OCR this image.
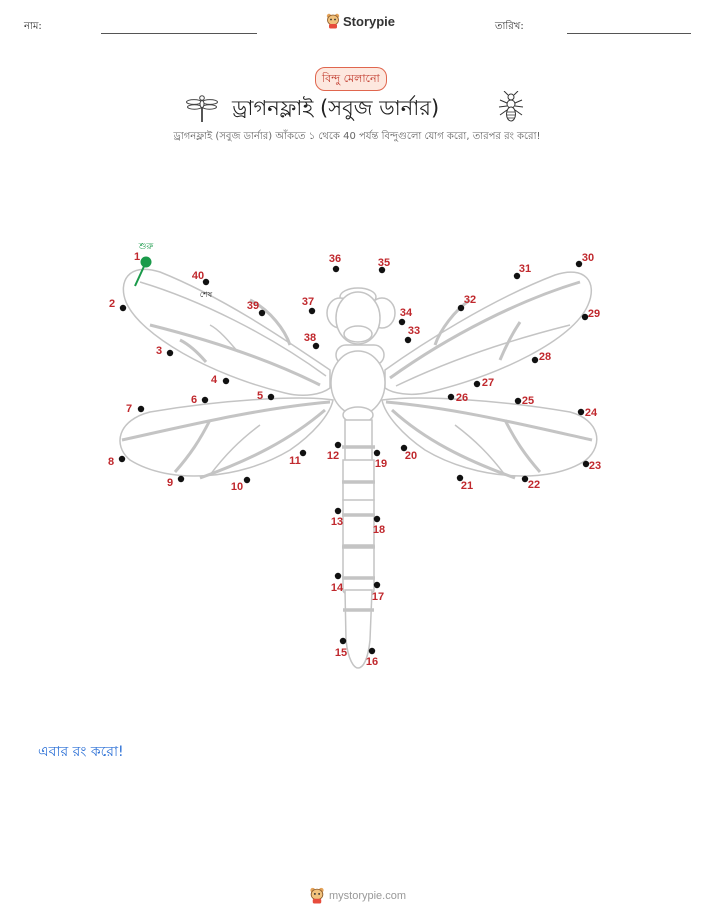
নাম:	Storypie	তারিখ:
বিন্দু মেলানো
ড্রাগনফ্লাই (সবুজ ডার্নার)
ড্রাগনফ্লাই (সবুজ ডার্নার) আঁকতে ১ থেকে 40 পর্যন্ত বিন্দুগুলো যোগ করো, তারপর রং করো!
শুরু
1
2
3
4
5
6
7
8
9	10
11 12
13
14
15
16
17
18
19
20
21	22
23
24
25
26
27
28
29
30
31
32
33
34
35
36
37
38
39
40
শেষ
এবার রং করো!
mystorypie.com
